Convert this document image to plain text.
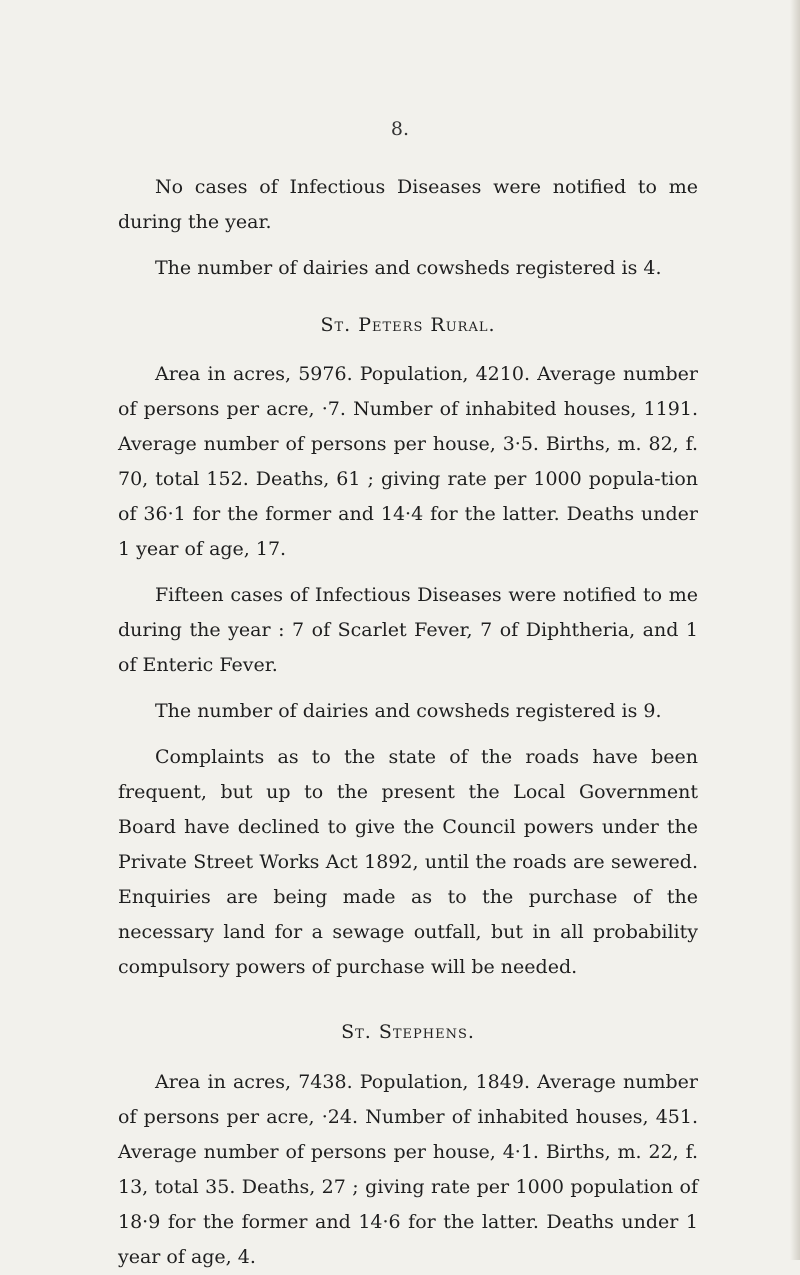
8.

No cases of Infectious Diseases were notified to me during the year.

The number of dairies and cowsheds registered is 4.

St. Peters Rural.

Area in acres, 5976. Population, 4210. Average number of persons per acre, ·7. Number of inhabited houses, 1191. Average number of persons per house, 3·5. Births, m. 82, f. 70, total 152. Deaths, 61 ; giving rate per 1000 popula-tion of 36·1 for the former and 14·4 for the latter. Deaths under 1 year of age, 17.

Fifteen cases of Infectious Diseases were notified to me during the year : 7 of Scarlet Fever, 7 of Diphtheria, and 1 of Enteric Fever.

The number of dairies and cowsheds registered is 9.

Complaints as to the state of the roads have been frequent, but up to the present the Local Government Board have declined to give the Council powers under the Private Street Works Act 1892, until the roads are sewered. Enquiries are being made as to the purchase of the necessary land for a sewage outfall, but in all probability compulsory powers of purchase will be needed.

St. Stephens.

Area in acres, 7438. Population, 1849. Average number of persons per acre, ·24. Number of inhabited houses, 451. Average number of persons per house, 4·1. Births, m. 22, f. 13, total 35. Deaths, 27 ; giving rate per 1000 population of 18·9 for the former and 14·6 for the latter. Deaths under 1 year of age, 4.
